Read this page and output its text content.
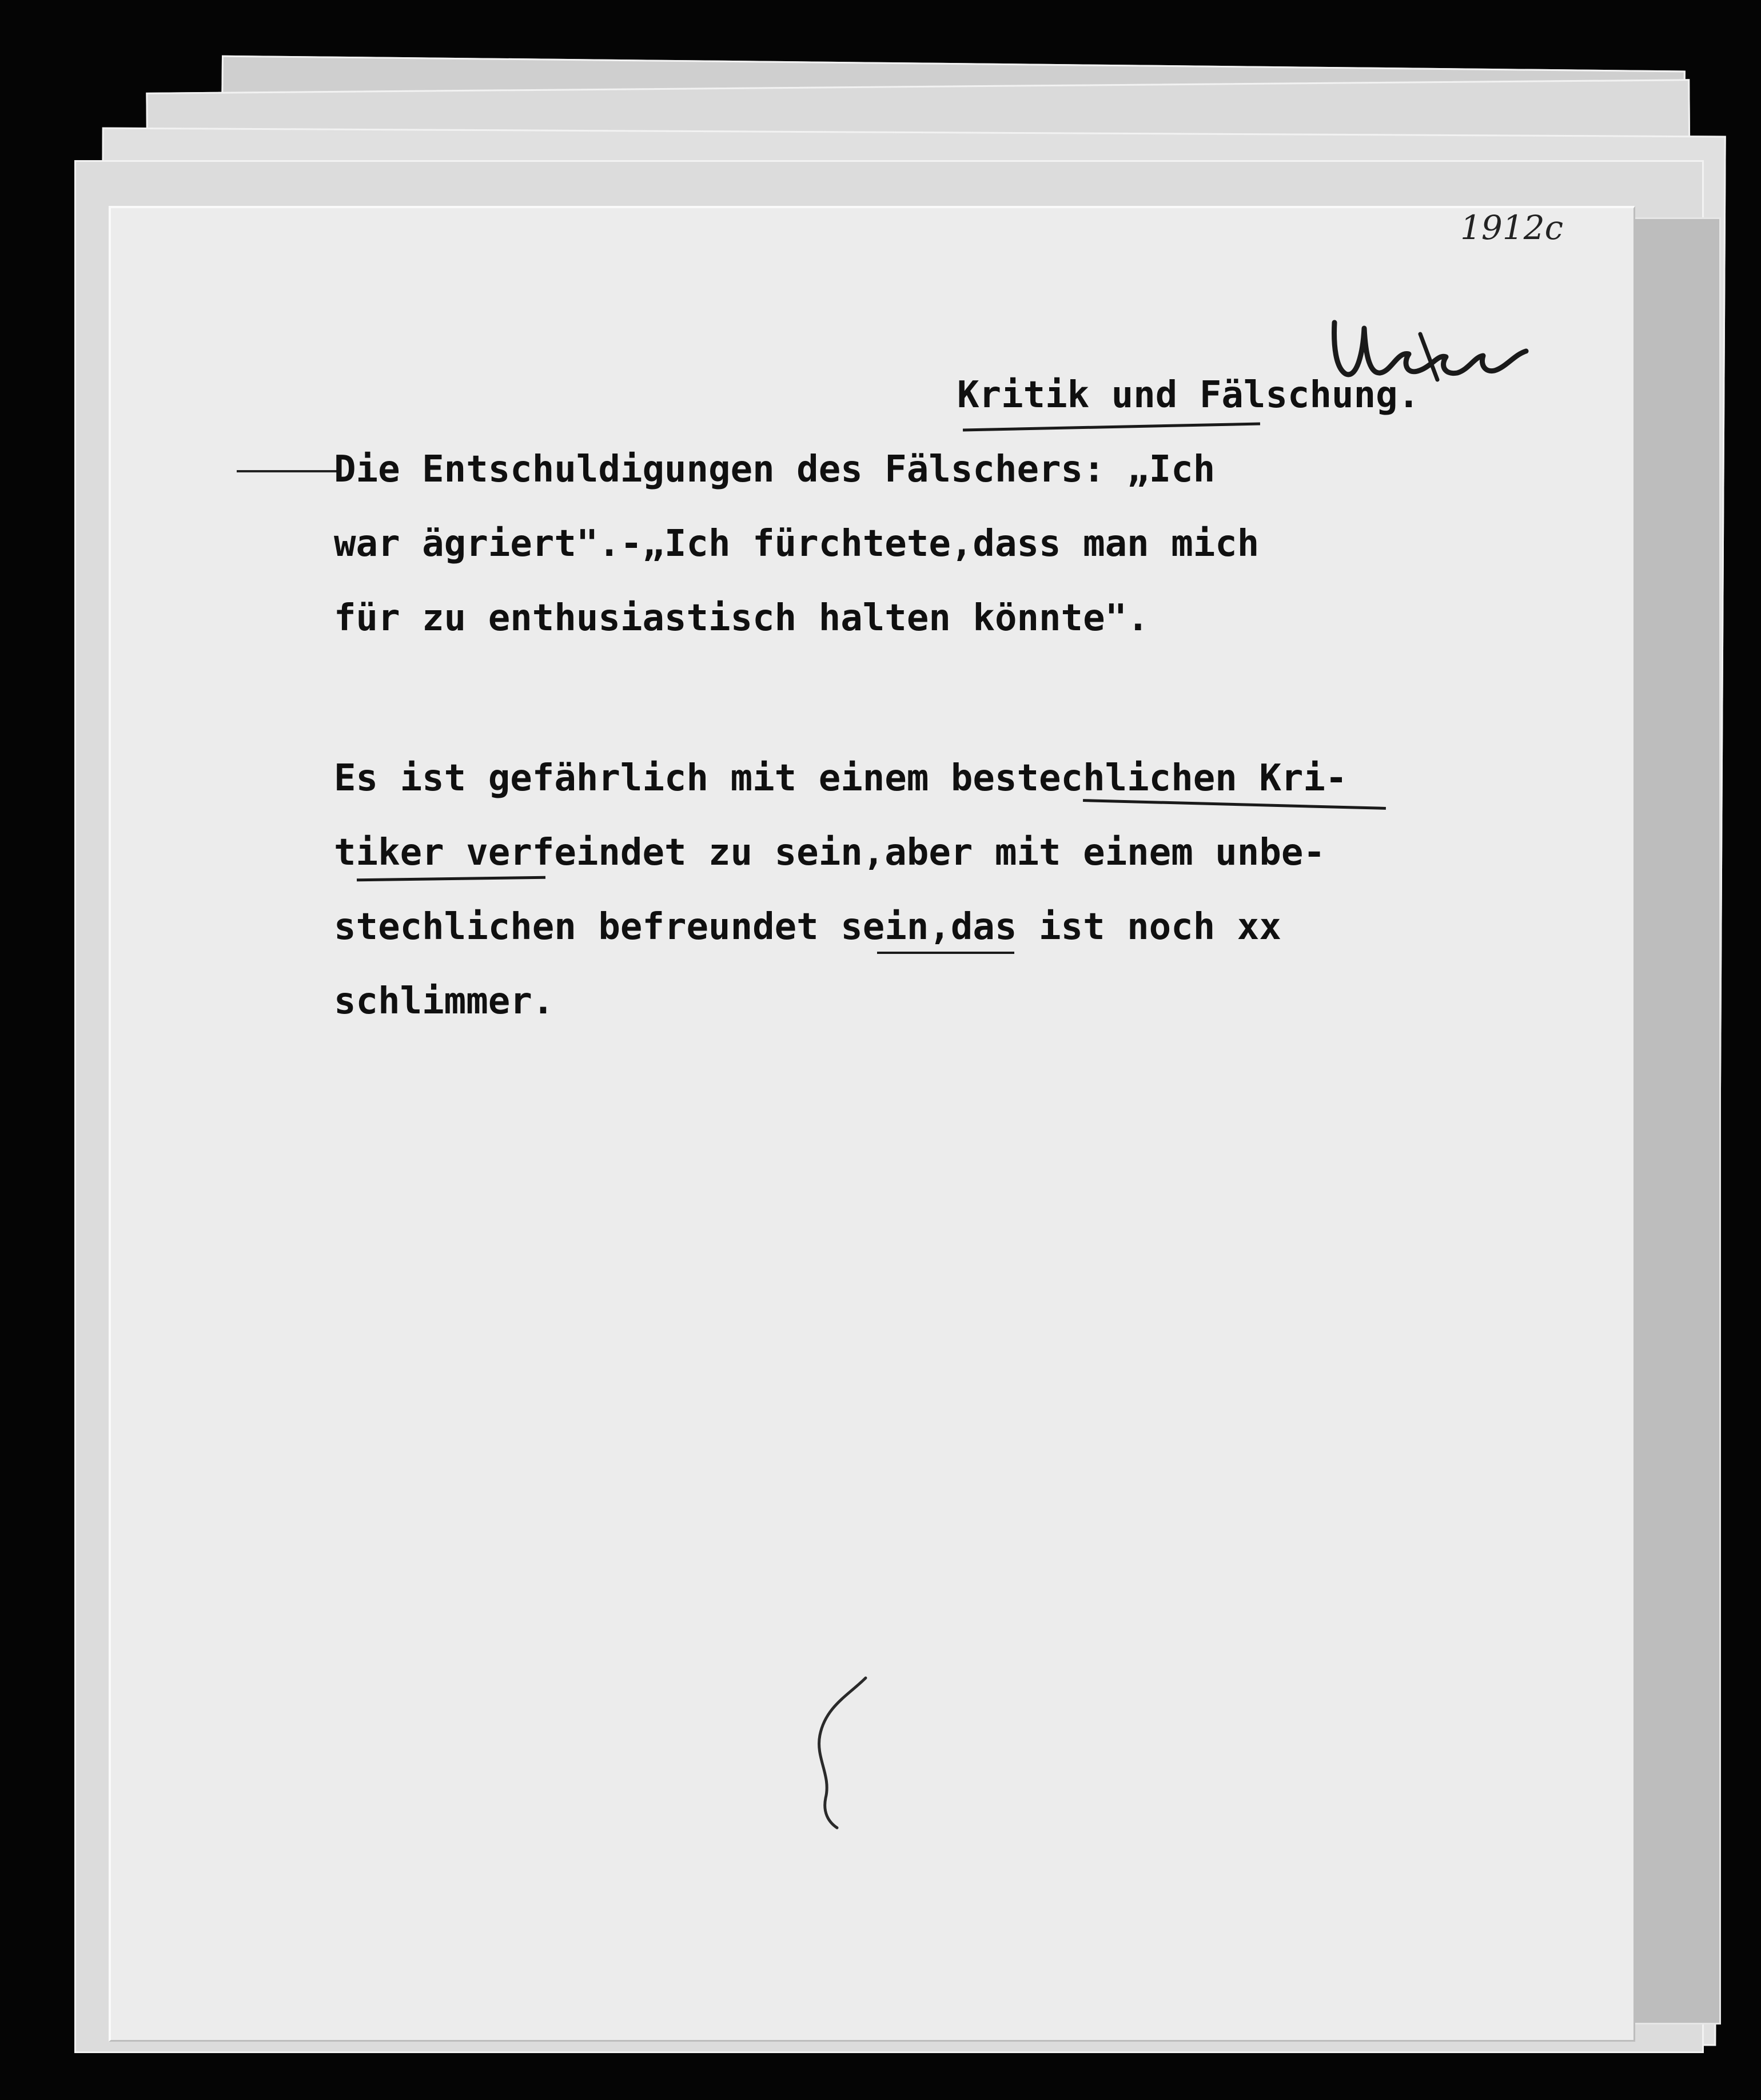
1912c

Kritik und Fälschung.

Die Entschuldigungen des Fälschers: „Ich

war ägriert".-„Ich fürchtete,dass man mich

für zu enthusiastisch halten könnte".

Es ist gefährlich mit einem bestechlichen Kri-

tiker verfeindet zu sein,aber mit einem unbe-

stechlichen befreundet sein,das ist noch xx

schlimmer.
